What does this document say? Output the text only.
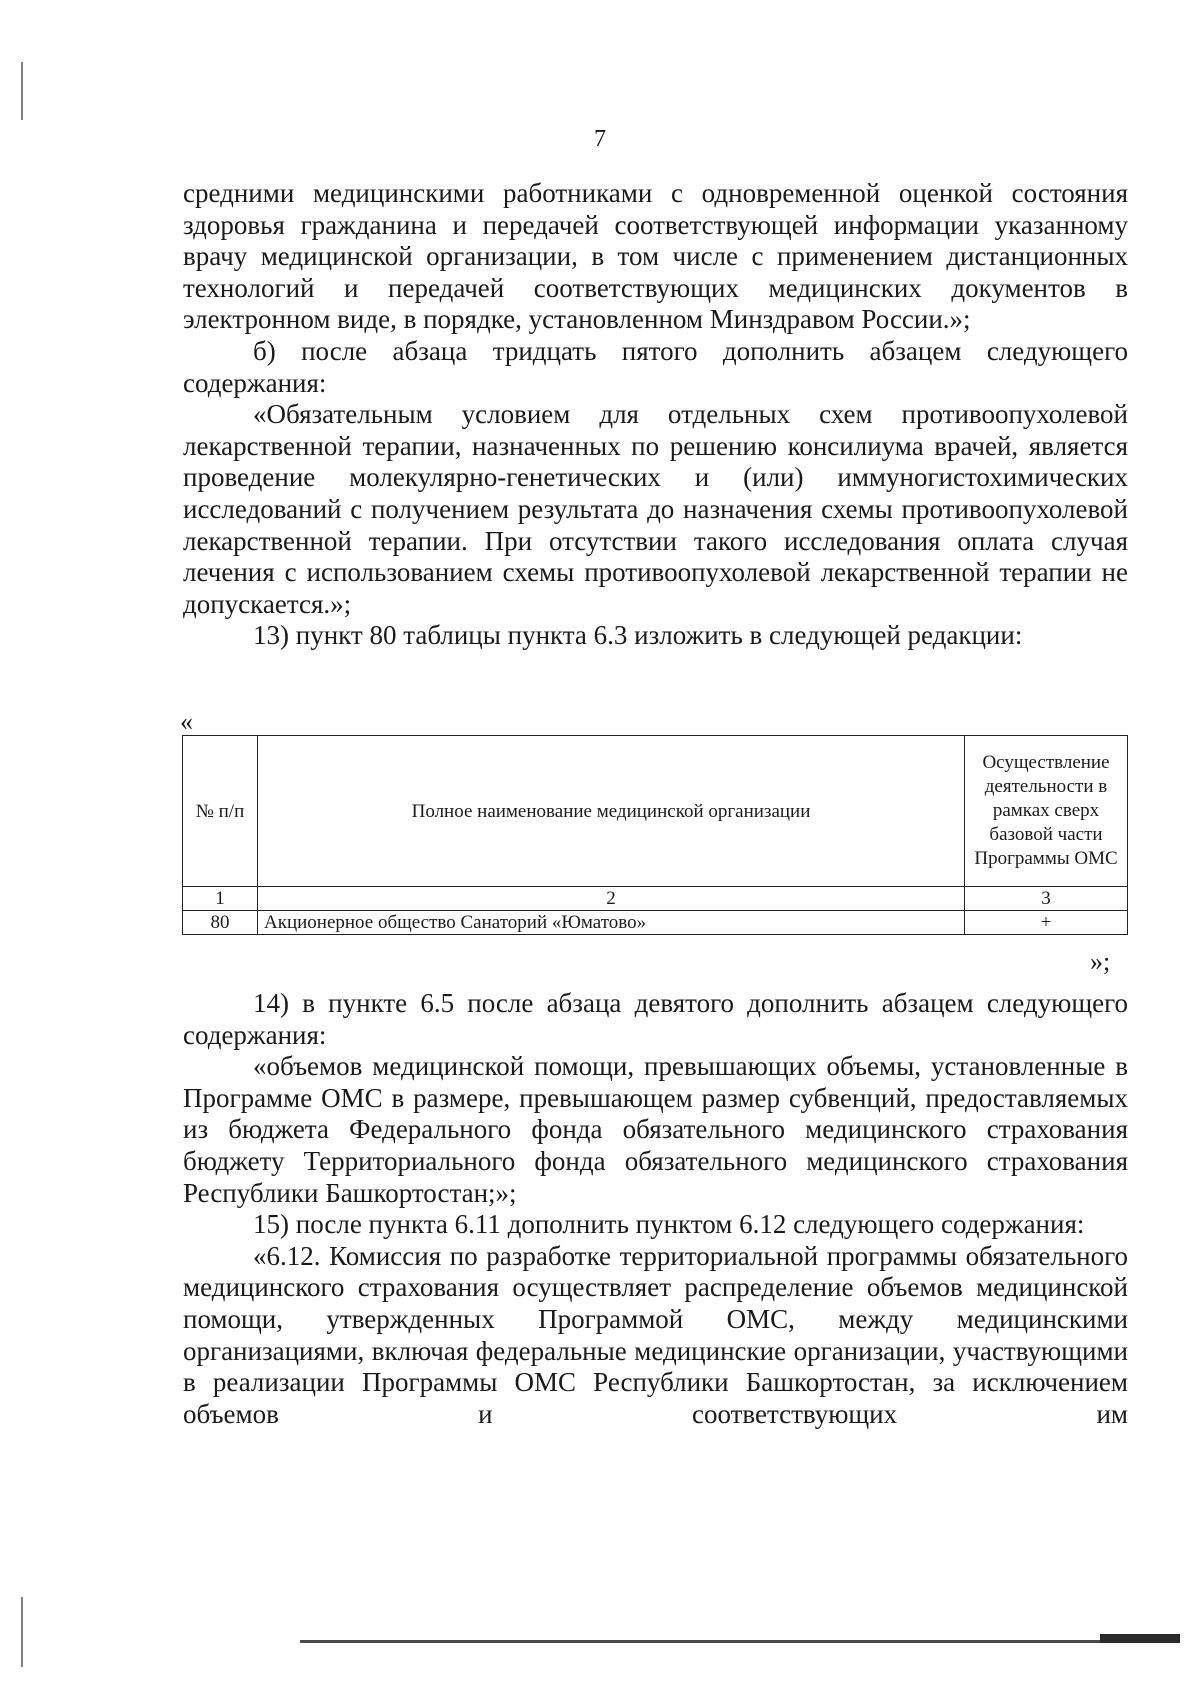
7

средними медицинскими работниками с одновременной оценкой состояния здоровья гражданина и передачей соответствующей информации указанному врачу медицинской организации, в том числе с применением дистанционных технологий и передачей соответствующих медицинских документов в электронном виде, в порядке, установленном Минздравом России.»;

б) после абзаца тридцать пятого дополнить абзацем следующего содержания:

«Обязательным условием для отдельных схем противоопухолевой лекарственной терапии, назначенных по решению консилиума врачей, является проведение молекулярно-генетических и (или) иммуногистохимических исследований с получением результата до назначения схемы противоопухолевой лекарственной терапии. При отсутствии такого исследования оплата случая лечения с использованием схемы противоопухолевой лекарственной терапии не допускается.»;

13) пункт 80 таблицы пункта 6.3 изложить в следующей редакции:

«
№ п/п	Полное наименование медицинской организации	Осуществление деятельности в рамках сверх базовой части Программы ОМС
1	2	3
80	Акционерное общество Санаторий «Юматово»	+
»;

14) в пункте 6.5 после абзаца девятого дополнить абзацем следующего содержания:

«объемов медицинской помощи, превышающих объемы, установленные в Программе ОМС в размере, превышающем размер субвенций, предоставляемых из бюджета Федерального фонда обязательного медицинского страхования бюджету Территориального фонда обязательного медицинского страхования Республики Башкортостан;»;

15) после пункта 6.11 дополнить пунктом 6.12 следующего содержания:

«6.12. Комиссия по разработке территориальной программы обязательного медицинского страхования осуществляет распределение объемов медицинской помощи, утвержденных Программой ОМС, между медицинскими организациями, включая федеральные медицинские организации, участвующими в реализации Программы ОМС Республики Башкортостан, за исключением объемов и соответствующих им
